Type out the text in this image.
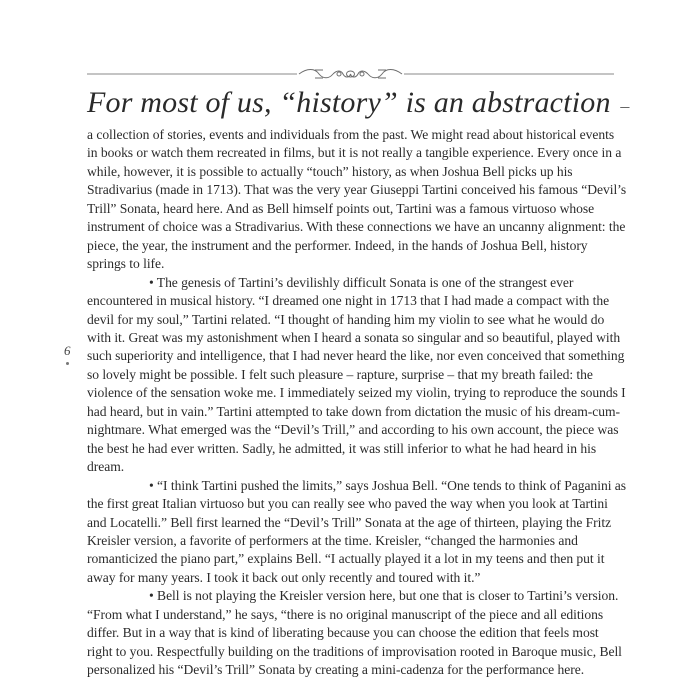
For most of us, “history” is an abstraction –
6

a collection of stories, events and individuals from the past. We might read about historical events in books or watch them recreated in films, but it is not really a tangible experience. Every once in a while, however, it is possible to actually “touch” history, as when Joshua Bell picks up his Stradivarius (made in 1713). That was the very year Giuseppi Tartini conceived his famous “Devil’s Trill” Sonata, heard here. And as Bell himself points out, Tartini was a famous virtuoso whose instrument of choice was a Stradivarius. With these connections we have an uncanny alignment: the piece, the year, the instrument and the performer. Indeed, in the hands of Joshua Bell, history springs to life.

• The genesis of Tartini’s devilishly difficult Sonata is one of the strangest ever encountered in musical history. “I dreamed one night in 1713 that I had made a compact with the devil for my soul,” Tartini related. “I thought of handing him my violin to see what he would do with it. Great was my astonishment when I heard a sonata so singular and so beautiful, played with such superiority and intelligence, that I had never heard the like, nor even conceived that something so lovely might be possible. I felt such pleasure – rapture, surprise – that my breath failed: the violence of the sensation woke me. I immediately seized my violin, trying to reproduce the sounds I had heard, but in vain.” Tartini attempted to take down from dictation the music of his dream-cum-nightmare. What emerged was the “Devil’s Trill,” and according to his own account, the piece was the best he had ever written. Sadly, he admitted, it was still inferior to what he had heard in his dream.

• “I think Tartini pushed the limits,” says Joshua Bell. “One tends to think of Paganini as the first great Italian virtuoso but you can really see who paved the way when you look at Tartini and Locatelli.” Bell first learned the “Devil’s Trill” Sonata at the age of thirteen, playing the Fritz Kreisler version, a favorite of performers at the time. Kreisler, “changed the harmonies and romanticized the piano part,” explains Bell. “I actually played it a lot in my teens and then put it away for many years. I took it back out only recently and toured with it.”

• Bell is not playing the Kreisler version here, but one that is closer to Tartini’s version. “From what I understand,” he says, “there is no original manuscript of the piece and all editions differ. But in a way that is kind of liberating because you can choose the edition that feels most right to you. Respectfully building on the traditions of improvisation rooted in Baroque music, Bell personalized his “Devil’s Trill” Sonata by creating a mini-cadenza for the performance here.
